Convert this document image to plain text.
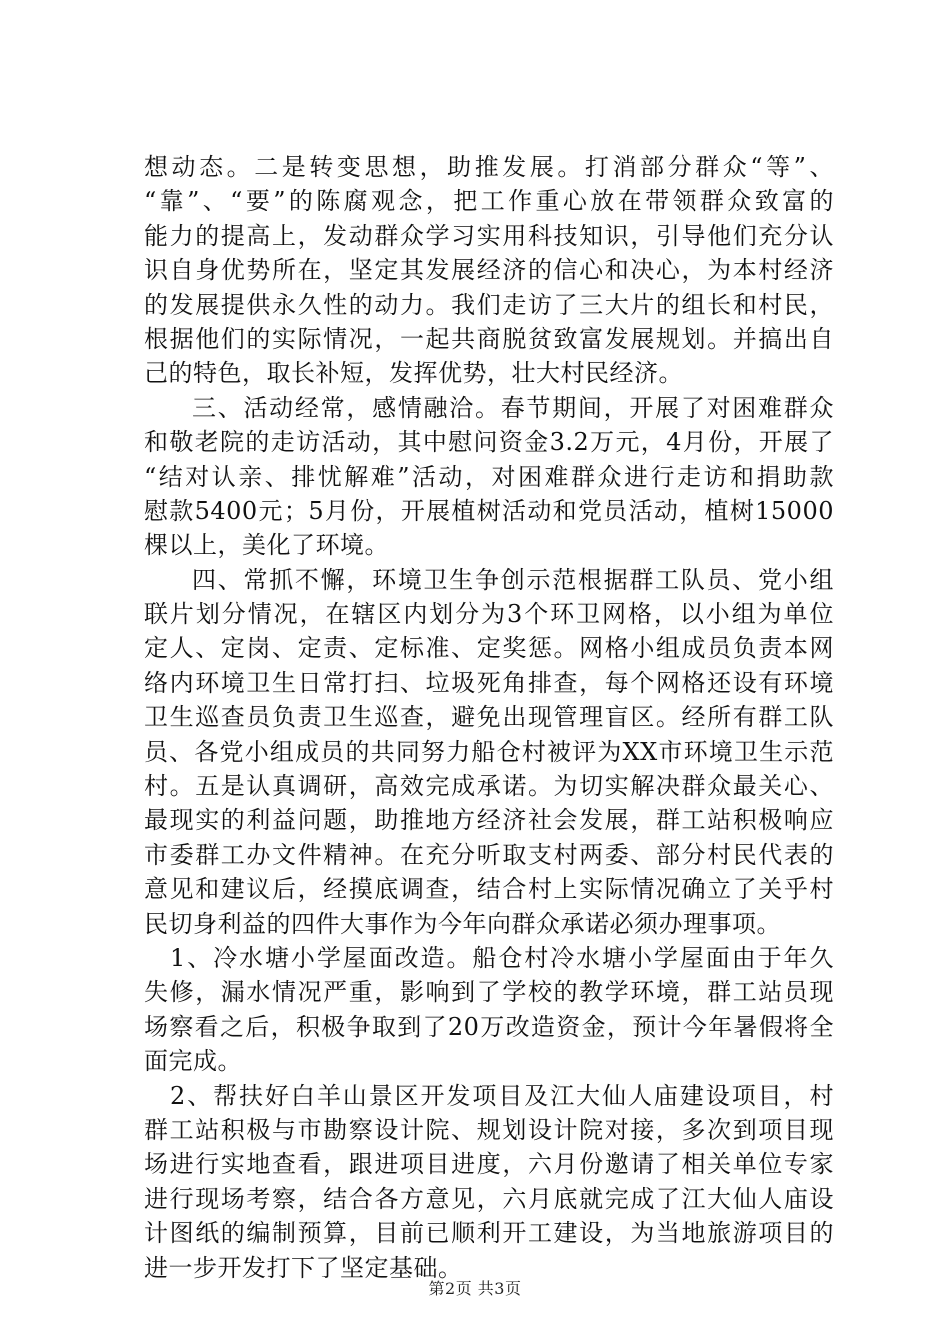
想动态。二是转变思想，助推发展。打消部分群众“等”、
“靠”、“要”的陈腐观念，把工作重心放在带领群众致富的
能力的提高上，发动群众学习实用科技知识，引导他们充分认
识自身优势所在，坚定其发展经济的信心和决心，为本村经济
的发展提供永久性的动力。我们走访了三大片的组长和村民，
根据他们的实际情况，一起共商脱贫致富发展规划。并搞出自
己的特色，取长补短，发挥优势，壮大村民经济。
三、活动经常，感情融洽。春节期间，开展了对困难群众
和敬老院的走访活动，其中慰问资金3.2万元，4月份，开展了
“结对认亲、排忧解难”活动，对困难群众进行走访和捐助款
慰款5400元；5月份，开展植树活动和党员活动，植树15000
棵以上，美化了环境。
四、常抓不懈，环境卫生争创示范根据群工队员、党小组
联片划分情况，在辖区内划分为3个环卫网格，以小组为单位
定人、定岗、定责、定标准、定奖惩。网格小组成员负责本网
络内环境卫生日常打扫、垃圾死角排查，每个网格还设有环境
卫生巡查员负责卫生巡查，避免出现管理盲区。经所有群工队
员、各党小组成员的共同努力船仓村被评为XX市环境卫生示范
村。五是认真调研，高效完成承诺。为切实解决群众最关心、
最现实的利益问题，助推地方经济社会发展，群工站积极响应
市委群工办文件精神。在充分听取支村两委、部分村民代表的
意见和建议后，经摸底调查，结合村上实际情况确立了关乎村
民切身利益的四件大事作为今年向群众承诺必须办理事项。
1、冷水塘小学屋面改造。船仓村冷水塘小学屋面由于年久
失修，漏水情况严重，影响到了学校的教学环境，群工站员现
场察看之后，积极争取到了20万改造资金，预计今年暑假将全
面完成。
2、帮扶好白羊山景区开发项目及江大仙人庙建设项目，村
群工站积极与市勘察设计院、规划设计院对接，多次到项目现
场进行实地查看，跟进项目进度，六月份邀请了相关单位专家
进行现场考察，结合各方意见，六月底就完成了江大仙人庙设
计图纸的编制预算，目前已顺利开工建设，为当地旅游项目的
进一步开发打下了坚定基础。
第2页 共3页
